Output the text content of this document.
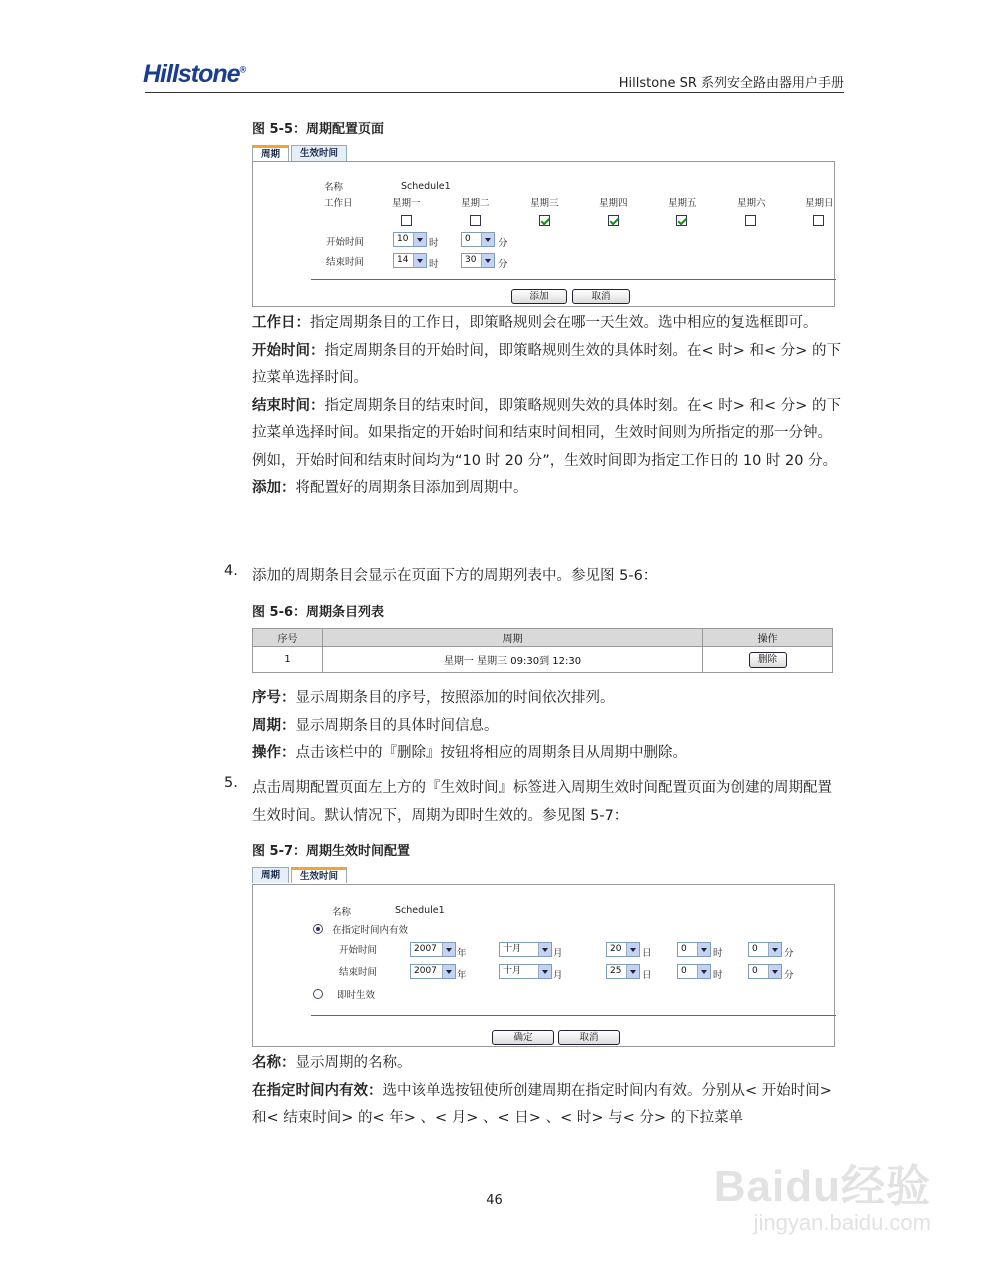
Hillstone®
Hillstone SR 系列安全路由器用户手册
图 5-5：周期配置页面
周期	生效时间
名称	Schedule1
工作日	星期一	星期二	星期三	星期四	星期五	星期六	星期日
开始时间	10	时	0	分
结束时间	14	时	30	分
添加	取消
工作日：指定周期条目的工作日，即策略规则会在哪一天生效。选中相应的复选框即可。
开始时间：指定周期条目的开始时间，即策略规则生效的具体时刻。在< 时> 和< 分> 的下拉菜单选择时间。
结束时间：指定周期条目的结束时间，即策略规则失效的具体时刻。在< 时> 和< 分> 的下拉菜单选择时间。如果指定的开始时间和结束时间相同，生效时间则为所指定的那一分钟。例如，开始时间和结束时间均为“10 时 20 分”，生效时间即为指定工作日的 10 时 20 分。
添加：将配置好的周期条目添加到周期中。
4. 添加的周期条目会显示在页面下方的周期列表中。参见图 5-6：
图 5-6：周期条目列表
序号	周期	操作
1	星期一 星期三 09:30到 12:30	删除
序号：显示周期条目的序号，按照添加的时间依次排列。
周期：显示周期条目的具体时间信息。
操作：点击该栏中的『删除』按钮将相应的周期条目从周期中删除。
5. 点击周期配置页面左上方的『生效时间』标签进入周期生效时间配置页面为创建的周期配置生效时间。默认情况下，周期为即时生效的。参见图 5-7：
图 5-7：周期生效时间配置
周期	生效时间
名称	Schedule1
在指定时间内有效
开始时间	2007	年	十月	月	20	日	0	时	0	分
结束时间	2007	年	十月	月	25	日	0	时	0	分
即时生效
确定	取消
名称：显示周期的名称。
在指定时间内有效：选中该单选按钮使所创建周期在指定时间内有效。分别从< 开始时间> 和< 结束时间> 的< 年> 、< 月> 、< 日> 、< 时> 与< 分> 的下拉菜单
46	Baidu经验
jingyan.baidu.com
